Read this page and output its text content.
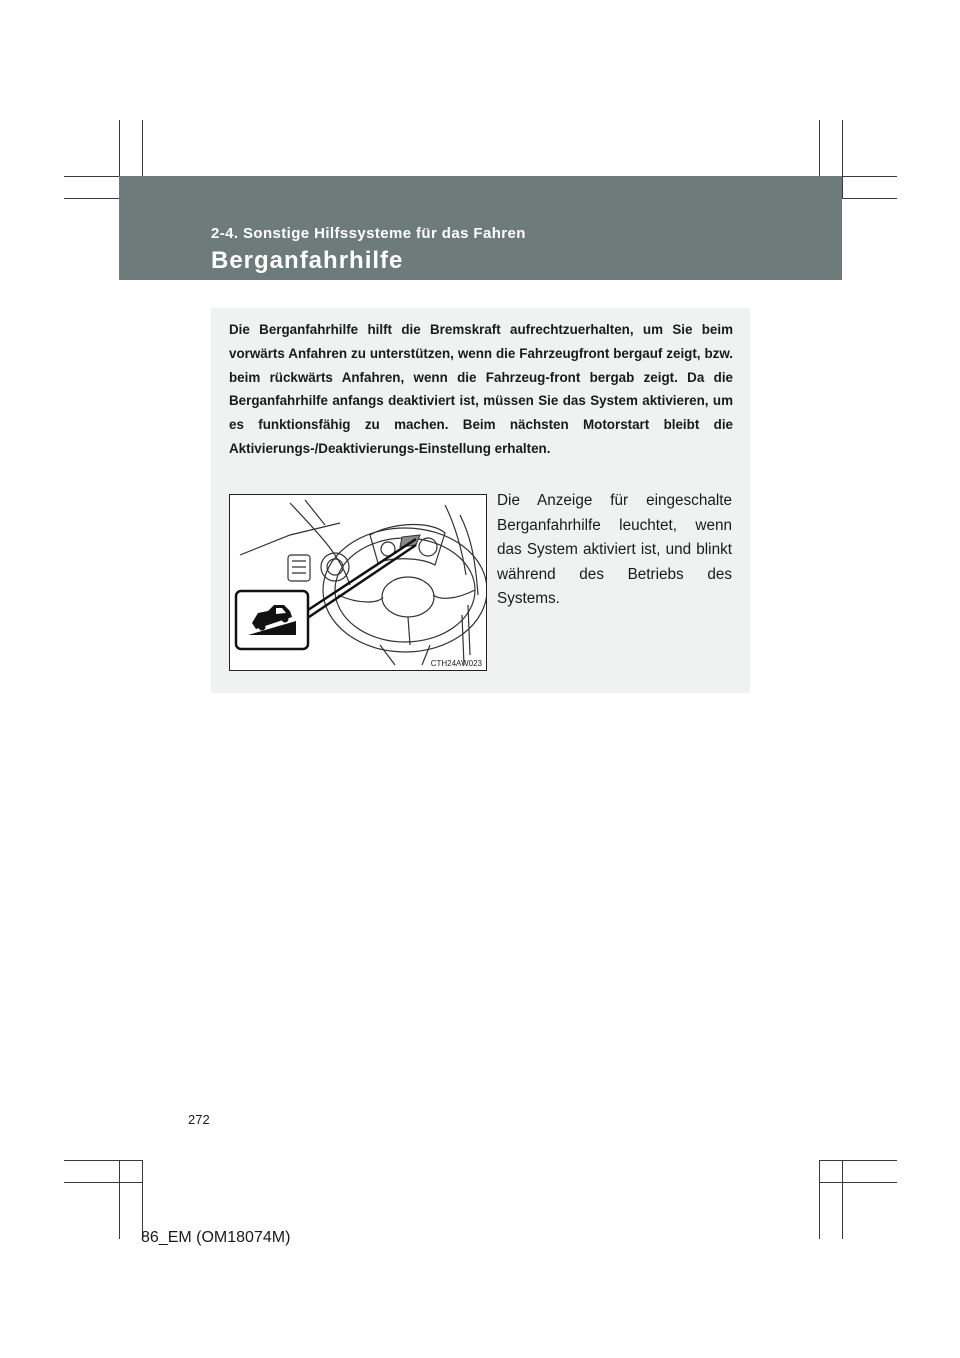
2-4. Sonstige Hilfssysteme für das Fahren
Berganfahrhilfe

Die Berganfahrhilfe hilft die Bremskraft aufrechtzuerhalten, um Sie beim vorwärts Anfahren zu unterstützen, wenn die Fahrzeugfront bergauf zeigt, bzw. beim rückwärts Anfahren, wenn die Fahrzeug-front bergab zeigt. Da die Berganfahrhilfe anfangs deaktiviert ist, müssen Sie das System aktivieren, um es funktionsfähig zu machen. Beim nächsten Motorstart bleibt die Aktivierungs-/Deaktivierungs-Einstellung erhalten.

CTH24AW023

Die Anzeige für eingeschalte Berganfahrhilfe leuchtet, wenn das System aktiviert ist, und blinkt während des Betriebs des Systems.

272
86_EM (OM18074M)
